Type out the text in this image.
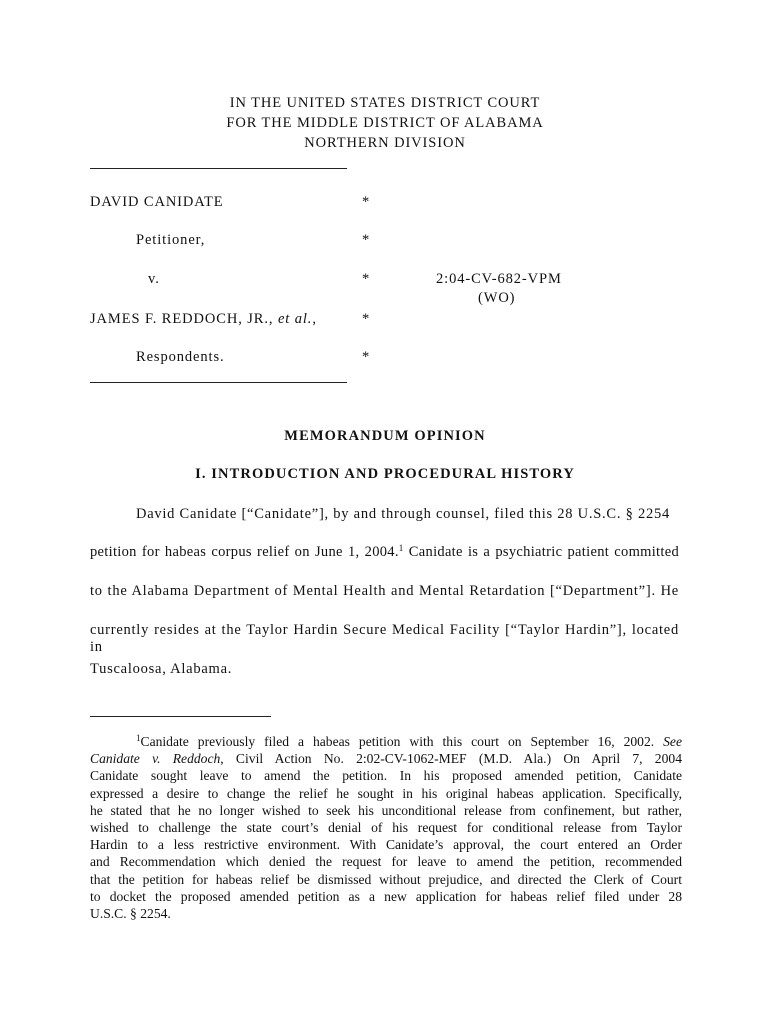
IN THE UNITED STATES DISTRICT COURT
FOR THE MIDDLE DISTRICT OF ALABAMA
NORTHERN DIVISION
DAVID CANIDATE	*
Petitioner,	*
v.	*	2:04-CV-682-VPM
(WO)
JAMES F. REDDOCH, JR., et al.,	*
Respondents.	*
MEMORANDUM OPINION
I. INTRODUCTION AND PROCEDURAL HISTORY
David Canidate [“Canidate”], by and through counsel, filed this 28 U.S.C. § 2254
petition for habeas corpus relief on June 1, 2004.$^1$ Canidate is a psychiatric patient committed
to the Alabama Department of Mental Health and Mental Retardation [“Department”]. He
currently resides at the Taylor Hardin Secure Medical Facility [“Taylor Hardin”], located in
Tuscaloosa, Alabama.
$^1$Canidate previously filed a habeas petition with this court on September 16, 2002. See
Canidate v. Reddoch, Civil Action No. 2:02-CV-1062-MEF (M.D. Ala.) On April 7, 2004
Canidate sought leave to amend the petition. In his proposed amended petition, Canidate
expressed a desire to change the relief he sought in his original habeas application. Specifically,
he stated that he no longer wished to seek his unconditional release from confinement, but rather,
wished to challenge the state court’s denial of his request for conditional release from Taylor
Hardin to a less restrictive environment. With Canidate’s approval, the court entered an Order
and Recommendation which denied the request for leave to amend the petition, recommended
that the petition for habeas relief be dismissed without prejudice, and directed the Clerk of Court
to docket the proposed amended petition as a new application for habeas relief filed under 28
U.S.C. § 2254.
